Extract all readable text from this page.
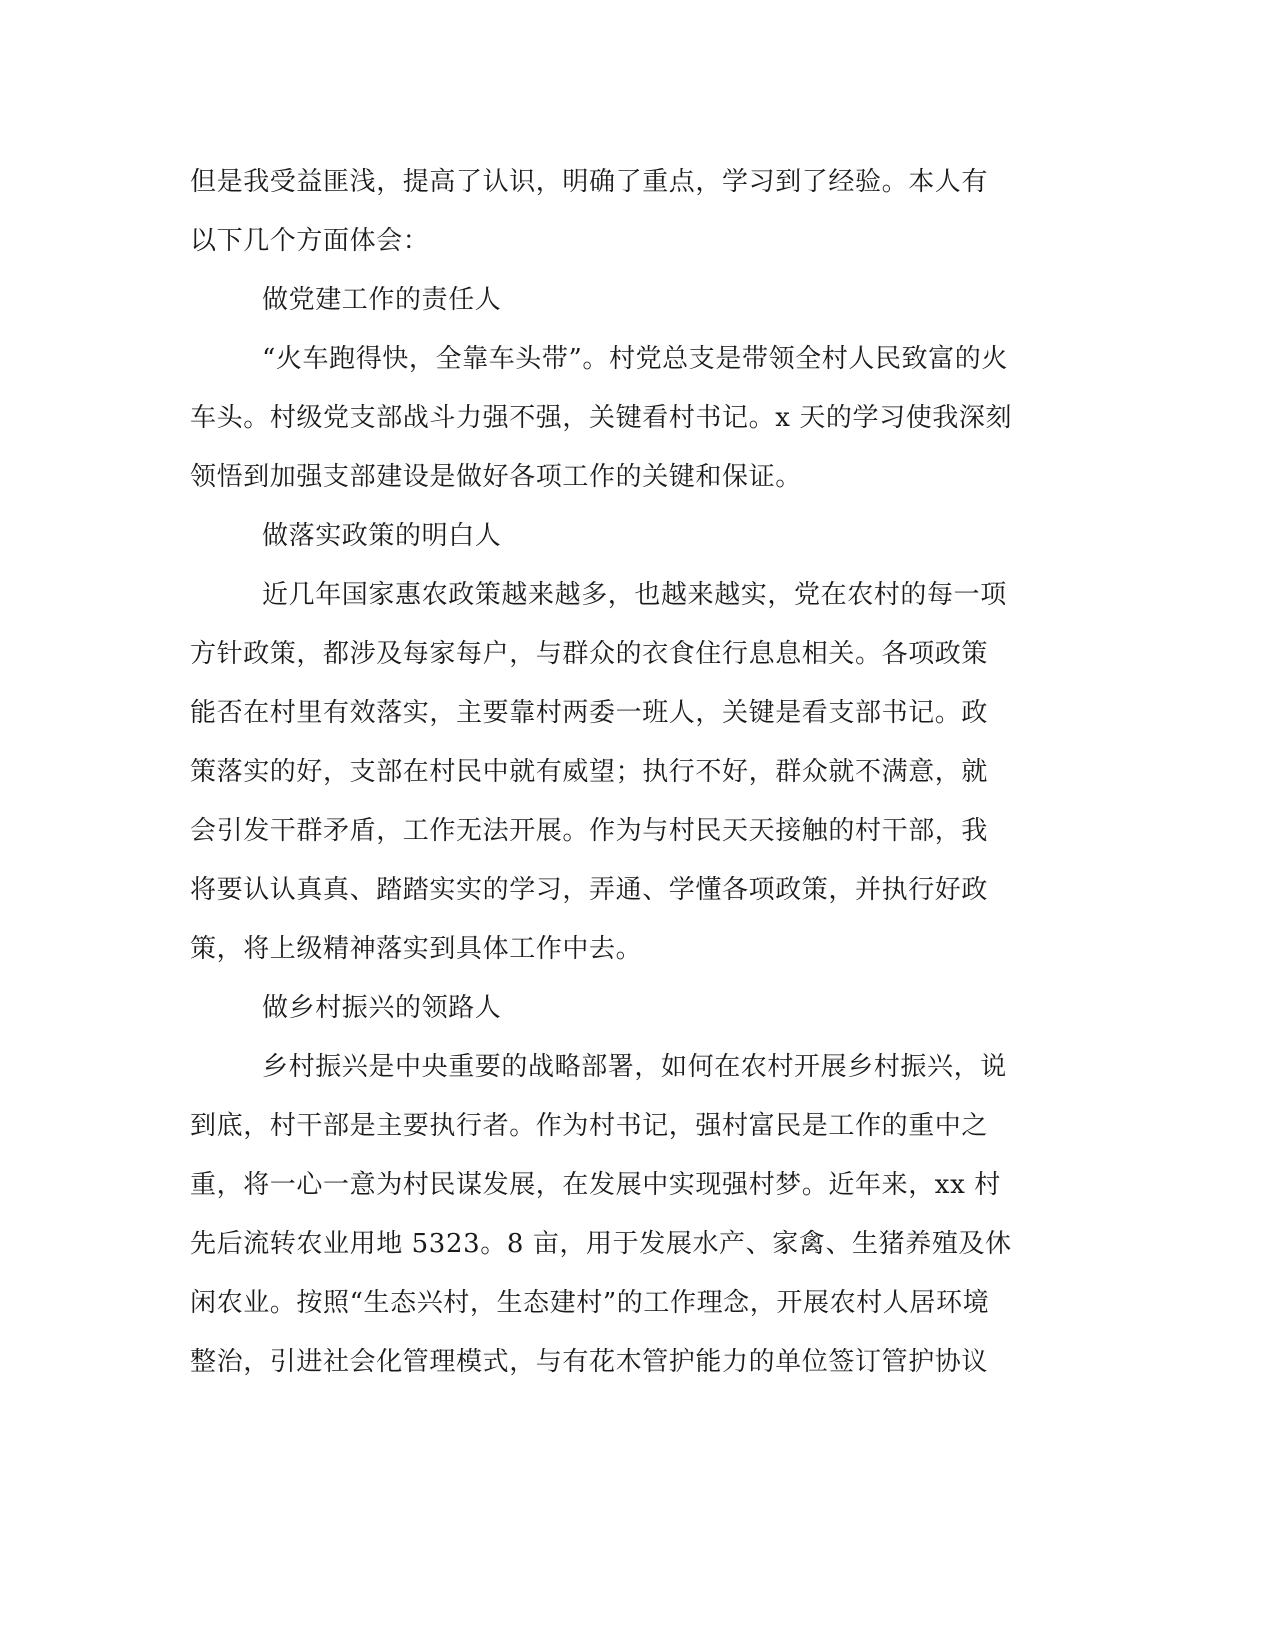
但是我受益匪浅，提高了认识，明确了重点，学习到了经验。本人有

以下几个方面体会：

做党建工作的责任人

“火车跑得快，全靠车头带”。村党总支是带领全村人民致富的火

车头。村级党支部战斗力强不强，关键看村书记。x 天的学习使我深刻

领悟到加强支部建设是做好各项工作的关键和保证。

做落实政策的明白人

近几年国家惠农政策越来越多，也越来越实，党在农村的每一项

方针政策，都涉及每家每户，与群众的衣食住行息息相关。各项政策

能否在村里有效落实，主要靠村两委一班人，关键是看支部书记。政

策落实的好，支部在村民中就有威望；执行不好，群众就不满意，就

会引发干群矛盾，工作无法开展。作为与村民天天接触的村干部，我

将要认认真真、踏踏实实的学习，弄通、学懂各项政策，并执行好政

策，将上级精神落实到具体工作中去。

做乡村振兴的领路人

乡村振兴是中央重要的战略部署，如何在农村开展乡村振兴，说

到底，村干部是主要执行者。作为村书记，强村富民是工作的重中之

重，将一心一意为村民谋发展，在发展中实现强村梦。近年来，xx 村

先后流转农业用地 5323。8 亩，用于发展水产、家禽、生猪养殖及休

闲农业。按照“生态兴村，生态建村”的工作理念，开展农村人居环境

整治，引进社会化管理模式，与有花木管护能力的单位签订管护协议
